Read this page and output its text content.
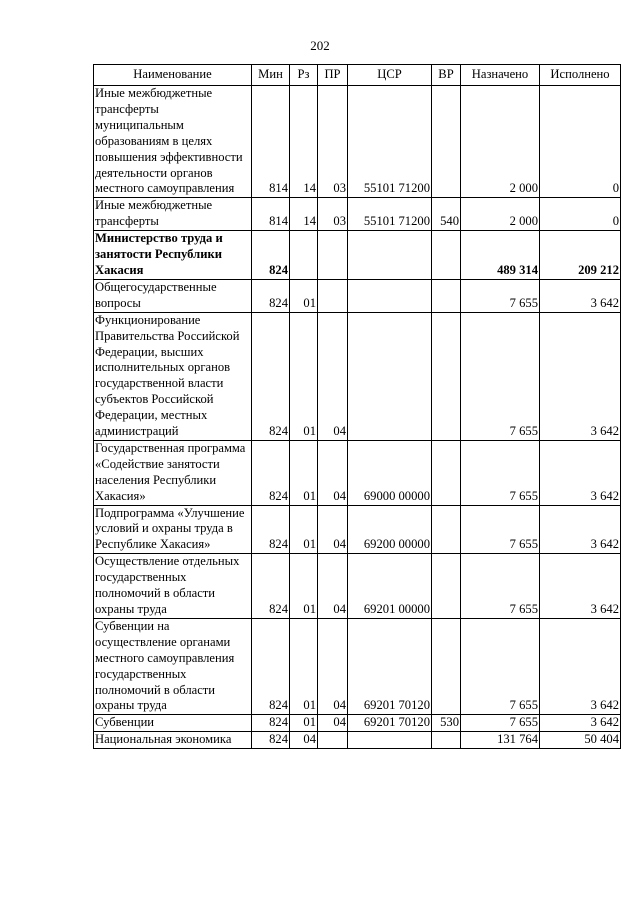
202
Наименование	Мин	Рз	ПР	ЦСР	ВР	Назначено	Исполнено
Иные межбюджетные трансферты муниципальным образованиям в целях повышения эффективности деятельности органов местного самоуправления	814	14	03	55101 71200		2 000	0
Иные межбюджетные трансферты	814	14	03	55101 71200	540	2 000	0
Министерство труда и занятости Республики Хакасия	824					489 314	209 212
Общегосударственные вопросы	824	01				7 655	3 642
Функционирование Правительства Российской Федерации, высших исполнительных органов государственной власти субъектов Российской Федерации, местных администраций	824	01	04			7 655	3 642
Государственная программа «Содействие занятости населения Республики Хакасия»	824	01	04	69000 00000		7 655	3 642
Подпрограмма «Улучшение условий и охраны труда в Республике Хакасия»	824	01	04	69200 00000		7 655	3 642
Осуществление отдельных государственных полномочий в области охраны труда	824	01	04	69201 00000		7 655	3 642
Субвенции на осуществление органами местного самоуправления государственных полномочий в области охраны труда	824	01	04	69201 70120		7 655	3 642
Субвенции	824	01	04	69201 70120	530	7 655	3 642
Национальная экономика	824	04				131 764	50 404
